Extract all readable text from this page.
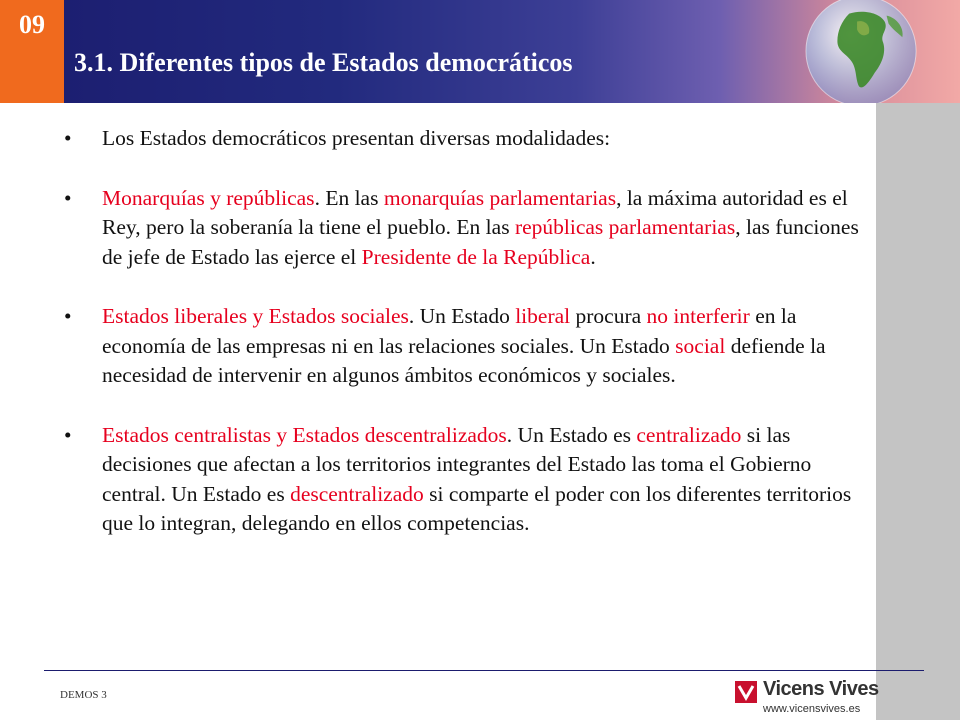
09
3.1. Diferentes tipos de Estados democráticos
• Los Estados democráticos presentan diversas modalidades:
• Monarquías y repúblicas. En las monarquías parlamentarias, la máxima autoridad es el Rey, pero la soberanía la tiene el pueblo. En las repúblicas parlamentarias, las funciones de jefe de Estado las ejerce el Presidente de la República.
• Estados liberales y Estados sociales. Un Estado liberal procura no interferir en la economía de las empresas ni en las relaciones sociales. Un Estado social defiende la necesidad de intervenir en algunos ámbitos económicos y sociales.
• Estados centralistas y Estados descentralizados. Un Estado es centralizado si las decisiones que afectan a los territorios integrantes del Estado las toma el Gobierno central. Un Estado es descentralizado si comparte el poder con los diferentes territorios que lo integran, delegando en ellos competencias.
DEMOS 3	Vicens Vives
www.vicensvives.es
